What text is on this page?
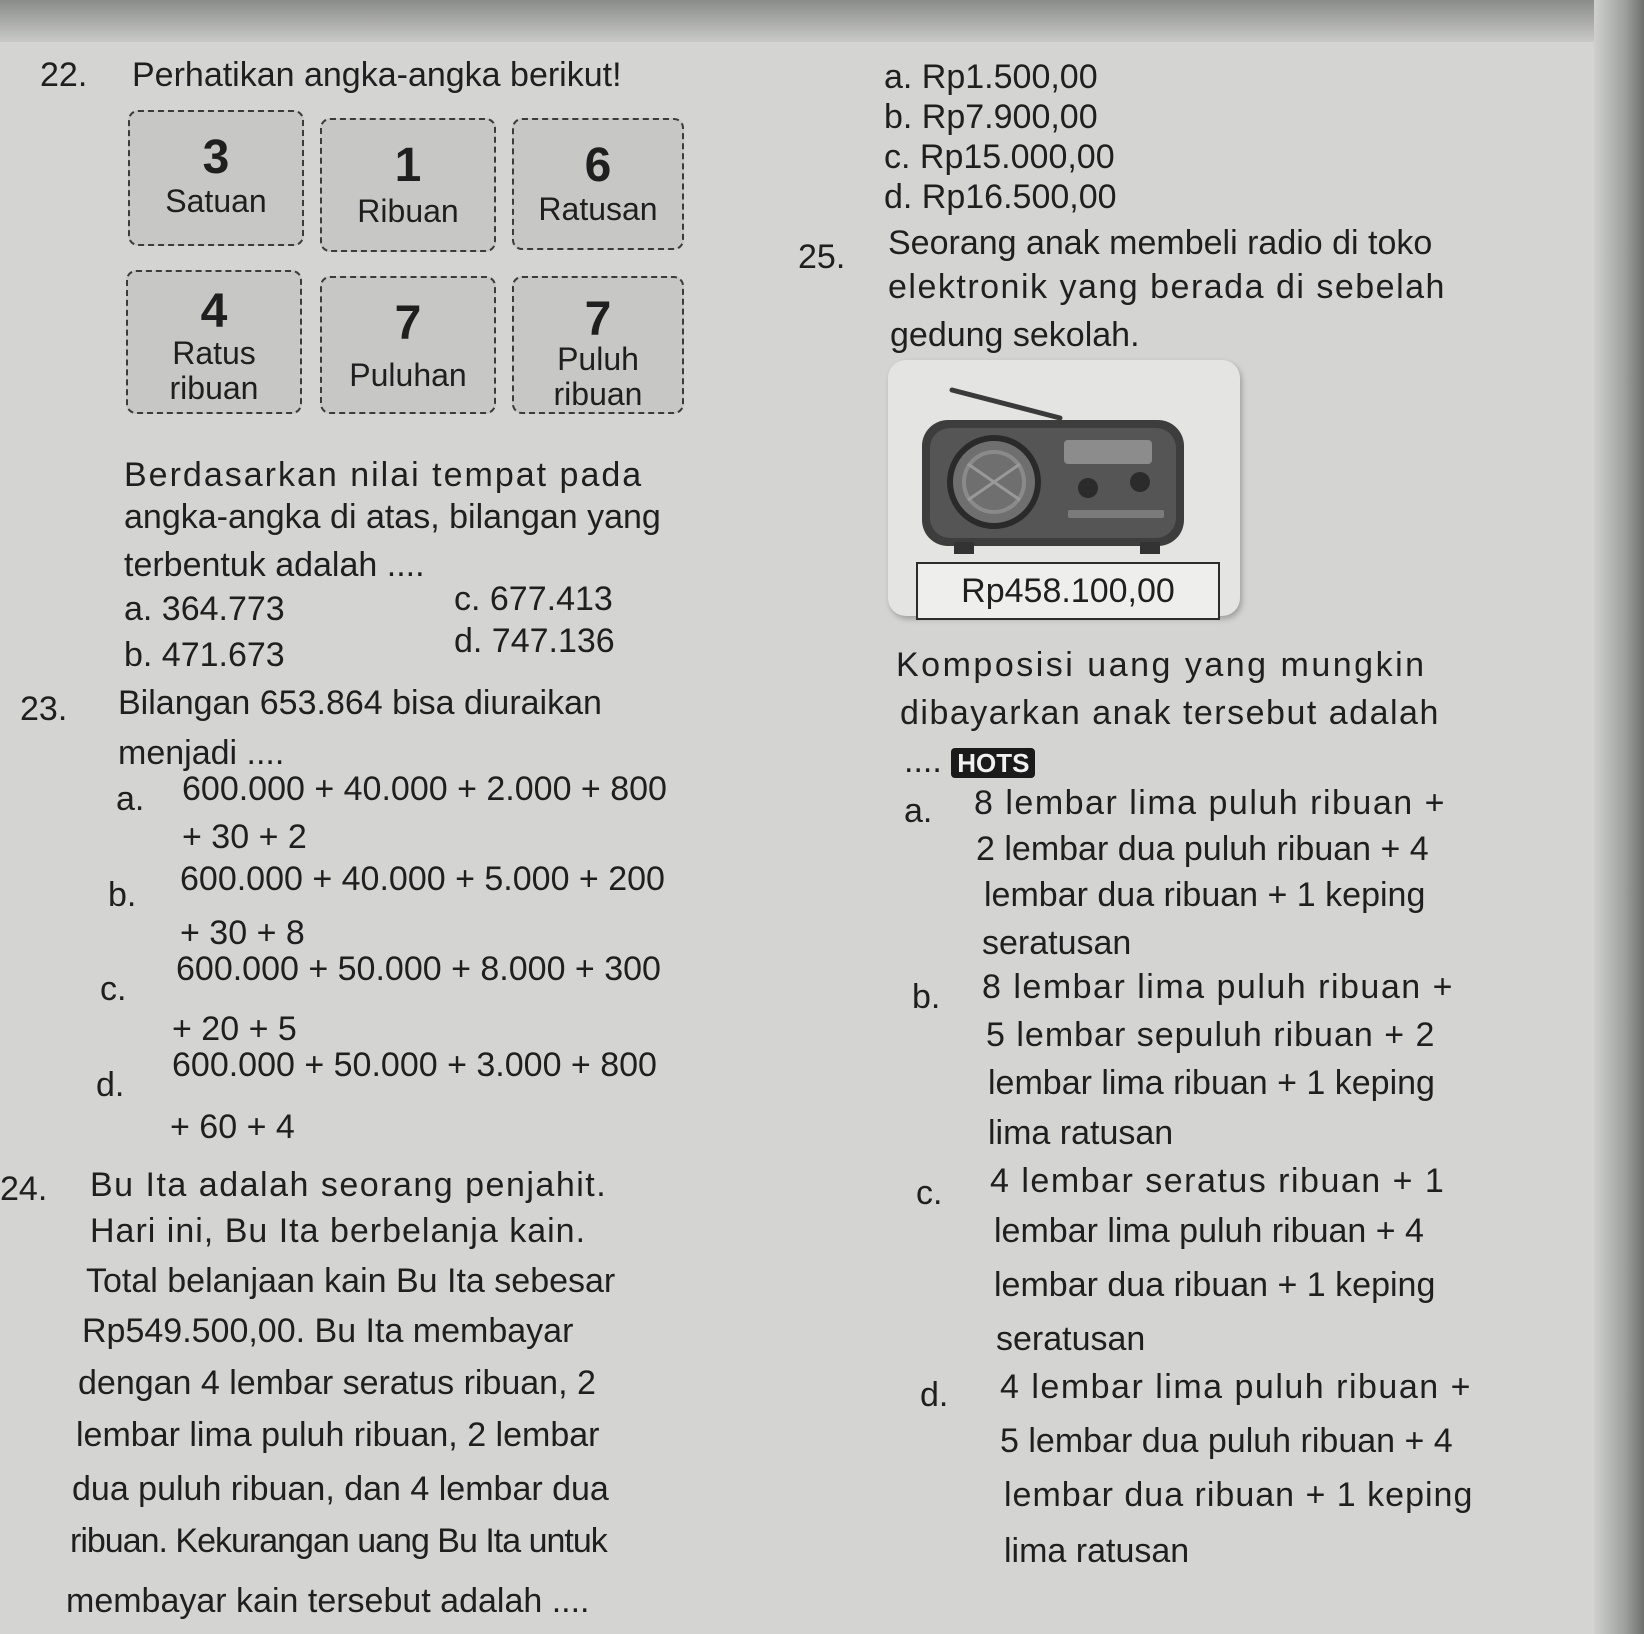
22. Perhatikan angka-angka berikut!
3
Satuan
1
Ribuan
6
Ratusan
4
Ratus ribuan
7
Puluhan
7
Puluh ribuan
Berdasarkan nilai tempat pada
angka-angka di atas, bilangan yang
terbentuk adalah ....
a. 364.773	c. 677.413
b. 471.673	d. 747.136
23. Bilangan 653.864 bisa diuraikan
menjadi ....
a. 600.000 + 40.000 + 2.000 + 800
+ 30 + 2
b. 600.000 + 40.000 + 5.000 + 200
+ 30 + 8
c.
600.000 + 50.000 + 8.000 + 300
+ 20 + 5
d.
600.000 + 50.000 + 3.000 + 800
+ 60 + 4
24. Bu Ita adalah seorang penjahit.
Hari ini, Bu Ita berbelanja kain.
Total belanjaan kain Bu Ita sebesar
Rp549.500,00. Bu Ita membayar
dengan 4 lembar seratus ribuan, 2
lembar lima puluh ribuan, 2 lembar
dua puluh ribuan, dan 4 lembar dua
ribuan. Kekurangan uang Bu Ita untuk
membayar kain tersebut adalah ....
a. Rp1.500,00
b. Rp7.900,00
c. Rp15.000,00
d. Rp16.500,00
25. Seorang anak membeli radio di toko
elektronik yang berada di sebelah
gedung sekolah.
Rp458.100,00
Komposisi uang yang mungkin
dibayarkan anak tersebut adalah
.... HOTS
a. 8 lembar lima puluh ribuan +
2 lembar dua puluh ribuan + 4
lembar dua ribuan + 1 keping
seratusan
b. 8 lembar lima puluh ribuan +
5 lembar sepuluh ribuan + 2
lembar lima ribuan + 1 keping
lima ratusan
c. 4 lembar seratus ribuan + 1
lembar lima puluh ribuan + 4
lembar dua ribuan + 1 keping
seratusan
d. 4 lembar lima puluh ribuan +
5 lembar dua puluh ribuan + 4
lembar dua ribuan + 1 keping
lima ratusan
